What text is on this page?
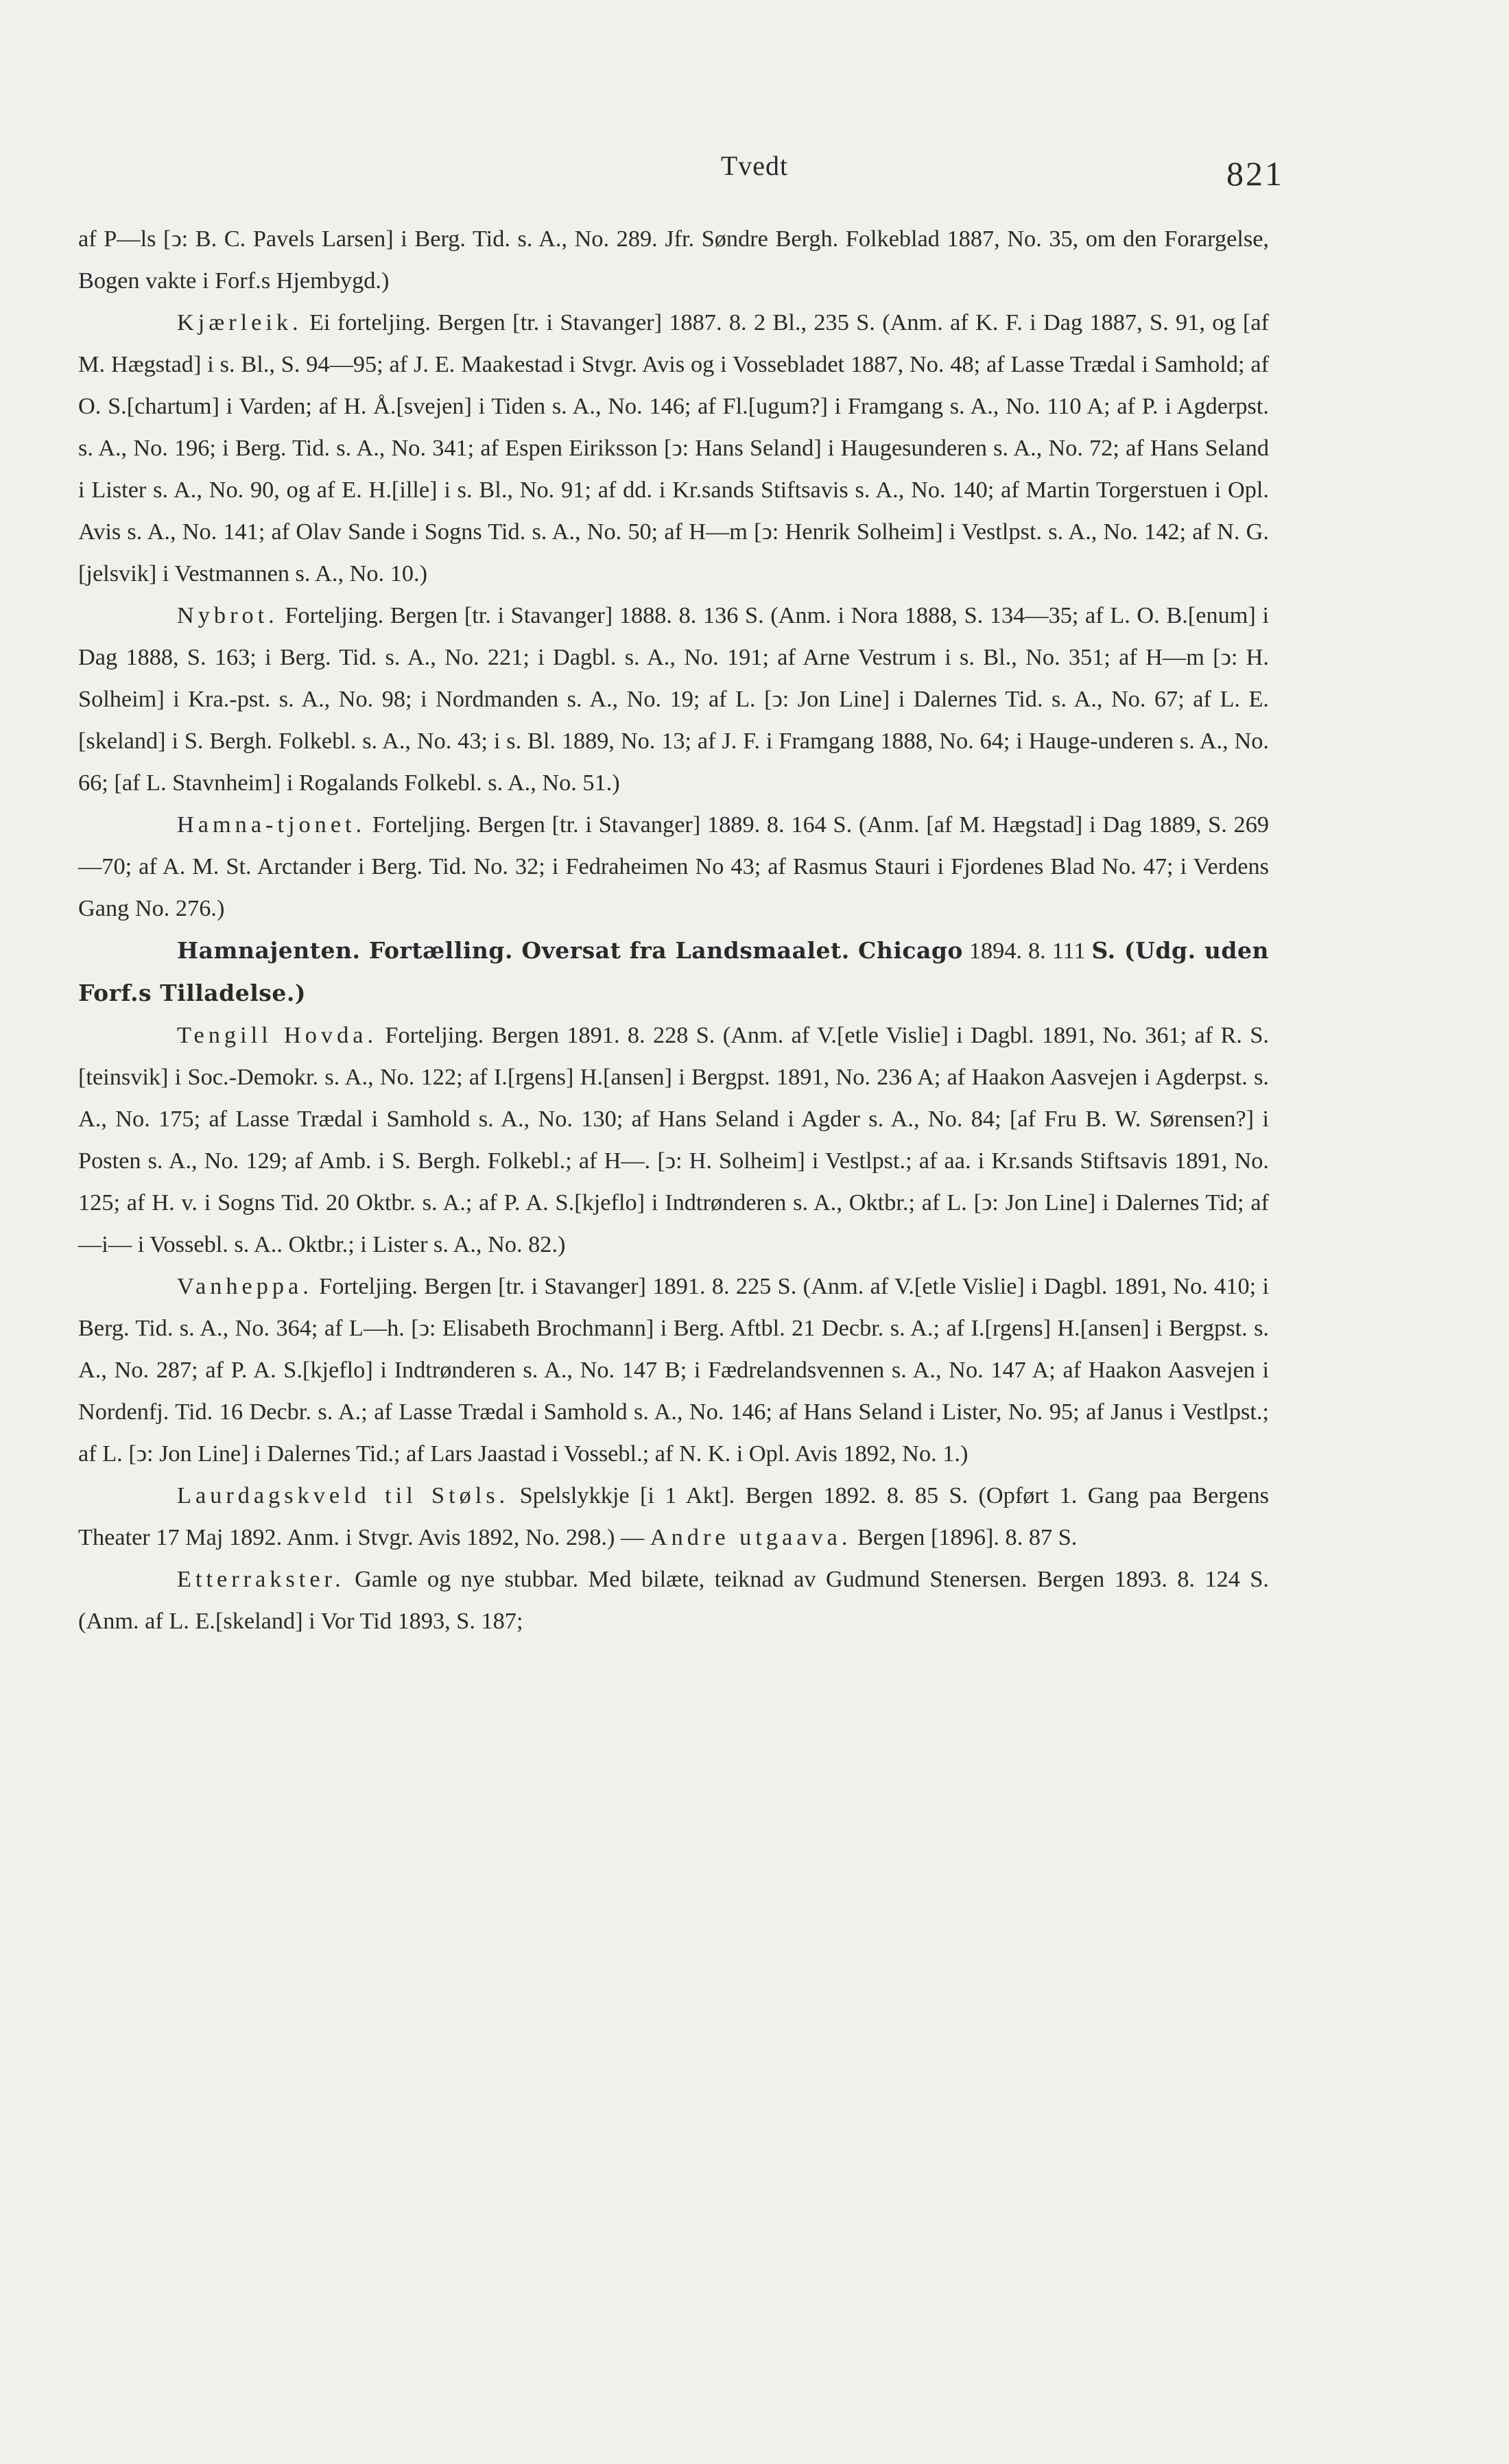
Tvedt	821

af P—ls [ↄ: B. C. Pavels Larsen] i Berg. Tid. s. A., No. 289. Jfr. Søndre Bergh. Folkeblad 1887, No. 35, om den Forargelse, Bogen vakte i Forf.s Hjembygd.)

Kjærleik. Ei forteljing. Bergen [tr. i Stavanger] 1887. 8. 2 Bl., 235 S. (Anm. af K. F. i Dag 1887, S. 91, og [af M. Hægstad] i s. Bl., S. 94—95; af J. E. Maakestad i Stvgr. Avis og i Vossebladet 1887, No. 48; af Lasse Trædal i Samhold; af O. S.[chartum] i Varden; af H. Å.[svejen] i Tiden s. A., No. 146; af Fl.[ugum?] i Framgang s. A., No. 110 A; af P. i Agderpst. s. A., No. 196; i Berg. Tid. s. A., No. 341; af Espen Eiriksson [ↄ: Hans Seland] i Haugesunderen s. A., No. 72; af Hans Seland i Lister s. A., No. 90, og af E. H.[ille] i s. Bl., No. 91; af dd. i Kr.sands Stiftsavis s. A., No. 140; af Martin Torgerstuen i Opl. Avis s. A., No. 141; af Olav Sande i Sogns Tid. s. A., No. 50; af H—m [ↄ: Henrik Solheim] i Vestlpst. s. A., No. 142; af N. G.[jelsvik] i Vestmannen s. A., No. 10.)

Nybrot. Forteljing. Bergen [tr. i Stavanger] 1888. 8. 136 S. (Anm. i Nora 1888, S. 134—35; af L. O. B.[enum] i Dag 1888, S. 163; i Berg. Tid. s. A., No. 221; i Dagbl. s. A., No. 191; af Arne Vestrum i s. Bl., No. 351; af H—m [ↄ: H. Solheim] i Kra.-pst. s. A., No. 98; i Nordmanden s. A., No. 19; af L. [ↄ: Jon Line] i Dalernes Tid. s. A., No. 67; af L. E.[skeland] i S. Bergh. Folkebl. s. A., No. 43; i s. Bl. 1889, No. 13; af J. F. i Framgang 1888, No. 64; i Hauge-underen s. A., No. 66; [af L. Stavnheim] i Rogalands Folkebl. s. A., No. 51.)

Hamna-tjonet. Forteljing. Bergen [tr. i Stavanger] 1889. 8. 164 S. (Anm. [af M. Hægstad] i Dag 1889, S. 269—70; af A. M. St. Arctander i Berg. Tid. No. 32; i Fedraheimen No 43; af Rasmus Stauri i Fjordenes Blad No. 47; i Verdens Gang No. 276.)

Hamnajenten. Fortælling. Oversat fra Landsmaalet. Chicago 1894. 8. 111 S. (Udg. uden Forf.s Tilladelse.)

Tengill Hovda. Forteljing. Bergen 1891. 8. 228 S. (Anm. af V.[etle Vislie] i Dagbl. 1891, No. 361; af R. S.[teinsvik] i Soc.-Demokr. s. A., No. 122; af I.[rgens] H.[ansen] i Bergpst. 1891, No. 236 A; af Haakon Aasvejen i Agderpst. s. A., No. 175; af Lasse Trædal i Samhold s. A., No. 130; af Hans Seland i Agder s. A., No. 84; [af Fru B. W. Sørensen?] i Posten s. A., No. 129; af Amb. i S. Bergh. Folkebl.; af H—. [ↄ: H. Solheim] i Vestlpst.; af aa. i Kr.sands Stiftsavis 1891, No. 125; af H. v. i Sogns Tid. 20 Oktbr. s. A.; af P. A. S.[kjeflo] i Indtrønderen s. A., Oktbr.; af L. [ↄ: Jon Line] i Dalernes Tid; af —i— i Vossebl. s. A.. Oktbr.; i Lister s. A., No. 82.)

Vanheppa. Forteljing. Bergen [tr. i Stavanger] 1891. 8. 225 S. (Anm. af V.[etle Vislie] i Dagbl. 1891, No. 410; i Berg. Tid. s. A., No. 364; af L—h. [ↄ: Elisabeth Brochmann] i Berg. Aftbl. 21 Decbr. s. A.; af I.[rgens] H.[ansen] i Bergpst. s. A., No. 287; af P. A. S.[kjeflo] i Indtrønderen s. A., No. 147 B; i Fædrelandsvennen s. A., No. 147 A; af Haakon Aasvejen i Nordenfj. Tid. 16 Decbr. s. A.; af Lasse Trædal i Samhold s. A., No. 146; af Hans Seland i Lister, No. 95; af Janus i Vestlpst.; af L. [ↄ: Jon Line] i Dalernes Tid.; af Lars Jaastad i Vossebl.; af N. K. i Opl. Avis 1892, No. 1.)

Laurdagskveld til Støls. Spelslykkje [i 1 Akt]. Bergen 1892. 8. 85 S. (Opført 1. Gang paa Bergens Theater 17 Maj 1892. Anm. i Stvgr. Avis 1892, No. 298.) — Andre utgaava. Bergen [1896]. 8. 87 S.

Etterrakster. Gamle og nye stubbar. Med bilæte, teiknad av Gudmund Stenersen. Bergen 1893. 8. 124 S. (Anm. af L. E.[skeland] i Vor Tid 1893, S. 187;
